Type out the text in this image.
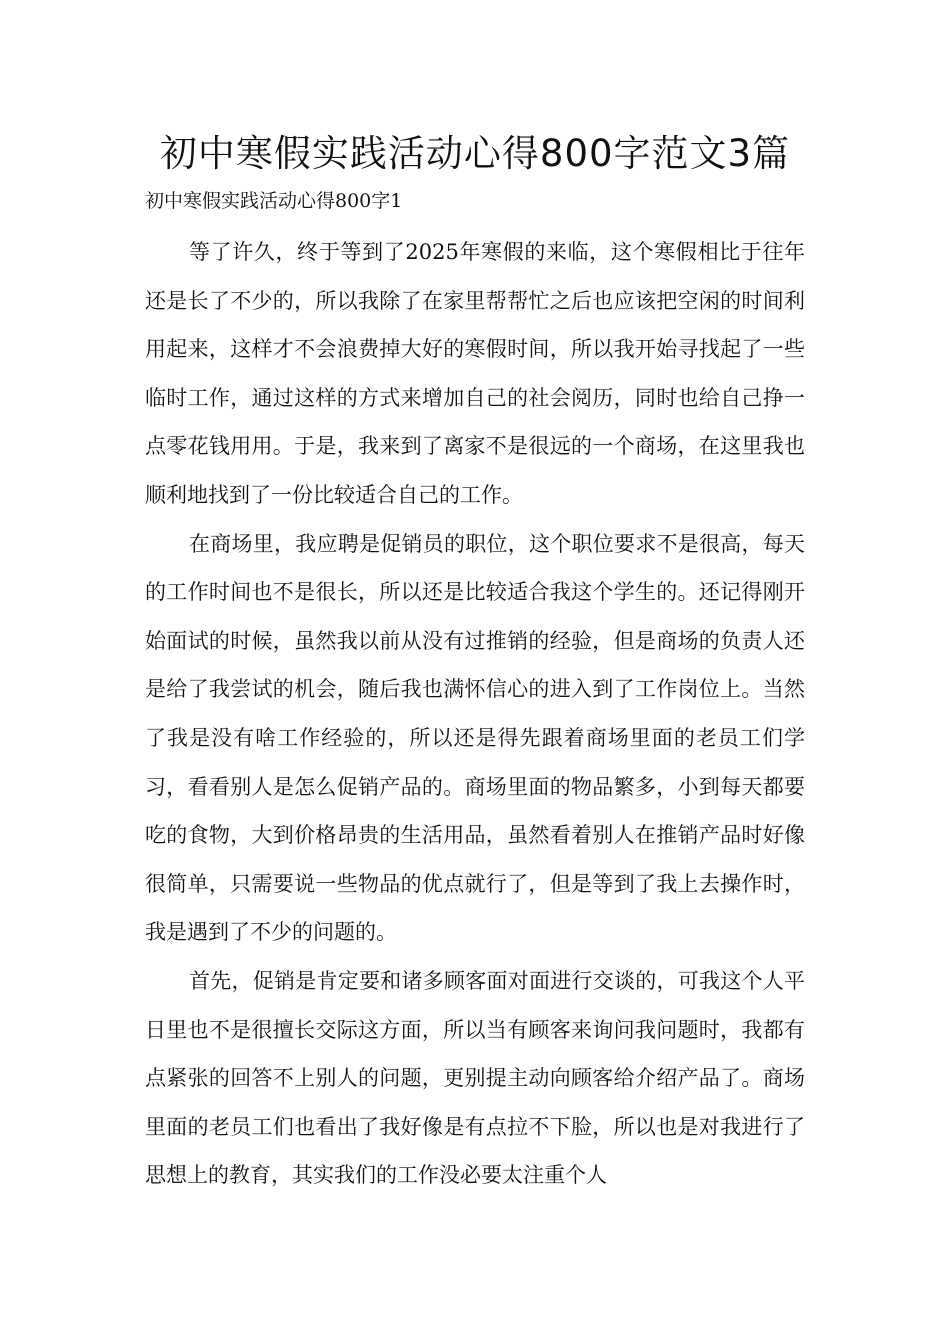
初中寒假实践活动心得800字范文3篇

初中寒假实践活动心得800字1

等了许久，终于等到了2025年寒假的来临，这个寒假相比于往年还是长了不少的，所以我除了在家里帮帮忙之后也应该把空闲的时间利用起来，这样才不会浪费掉大好的寒假时间，所以我开始寻找起了一些临时工作，通过这样的方式来增加自己的社会阅历，同时也给自己挣一点零花钱用用。于是，我来到了离家不是很远的一个商场，在这里我也顺利地找到了一份比较适合自己的工作。

在商场里，我应聘是促销员的职位，这个职位要求不是很高，每天的工作时间也不是很长，所以还是比较适合我这个学生的。还记得刚开始面试的时候，虽然我以前从没有过推销的经验，但是商场的负责人还是给了我尝试的机会，随后我也满怀信心的进入到了工作岗位上。当然了我是没有啥工作经验的，所以还是得先跟着商场里面的老员工们学习，看看别人是怎么促销产品的。商场里面的物品繁多，小到每天都要吃的食物，大到价格昂贵的生活用品，虽然看着别人在推销产品时好像很简单，只需要说一些物品的优点就行了，但是等到了我上去操作时，我是遇到了不少的问题的。

首先，促销是肯定要和诸多顾客面对面进行交谈的，可我这个人平日里也不是很擅长交际这方面，所以当有顾客来询问我问题时，我都有点紧张的回答不上别人的问题，更别提主动向顾客给介绍产品了。商场里面的老员工们也看出了我好像是有点拉不下脸，所以也是对我进行了思想上的教育，其实我们的工作没必要太注重个人
